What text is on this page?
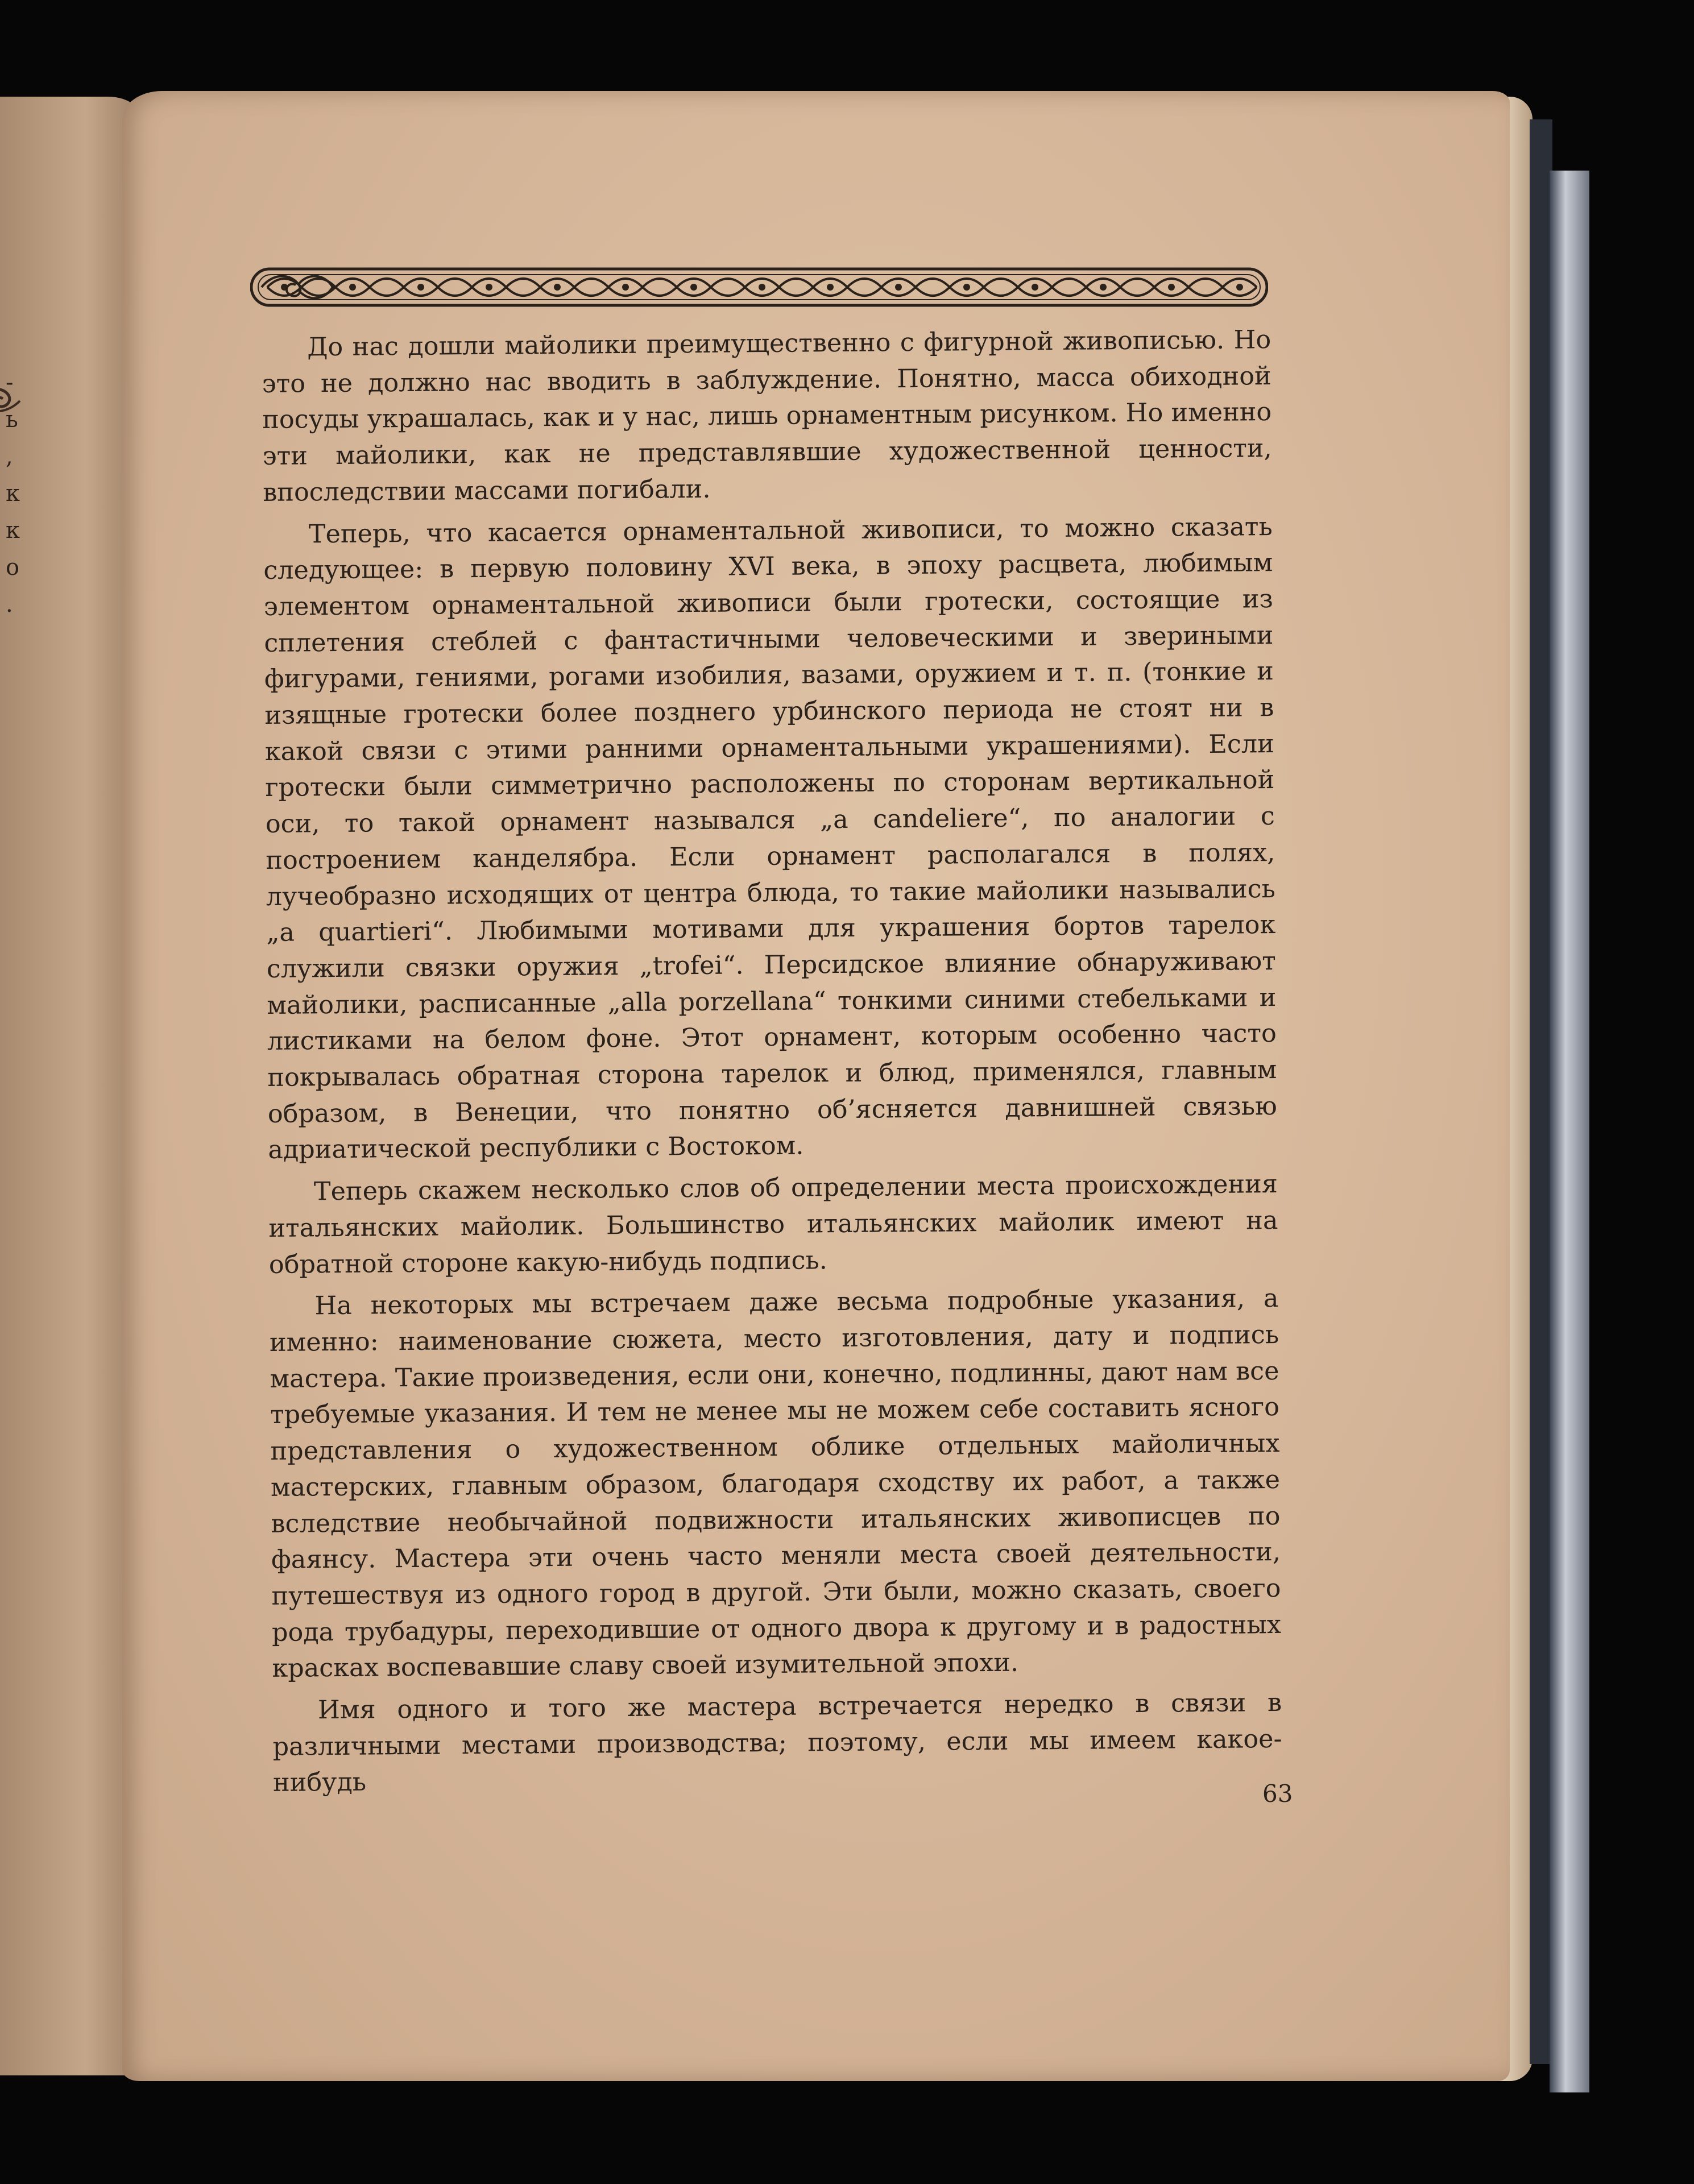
-
ь
,
к
к
о
.

До нас дошли майолики преимущественно с фигурной живописью. Но это не должно нас вводить в заблуждение. Понятно, масса обиходной посуды украшалась, как и у нас, лишь орнаментным рисунком. Но именно эти майолики, как не представлявшие художественной ценности, впоследствии массами погибали.

Теперь, что касается орнаментальной живописи, то можно сказать следующее: в первую половину XVI века, в эпоху расцвета, любимым элементом орнаментальной живописи были гротески, состоящие из сплетения стеблей с фантастичными человеческими и звериными фигурами, гениями, рогами изобилия, вазами, оружием и т. п. (тонкие и изящные гротески более позднего урбинского периода не стоят ни в какой связи с этими ранними орнаментальными украшениями). Если гротески были симметрично расположены по сторонам вертикальной оси, то такой орнамент назывался „a candeliere“, по аналогии с построением канделябра. Если орнамент располагался в полях, лучеобразно исходящих от центра блюда, то такие майолики назывались „a quartieri“. Любимыми мотивами для украшения бортов тарелок служили связки оружия „trofei“. Персидское влияние обнаруживают майолики, расписанные „alla porzellana“ тонкими синими стебельками и листиками на белом фоне. Этот орнамент, которым особенно часто покрывалась обратная сторона тарелок и блюд, применялся, главным образом, в Венеции, что понятно об’ясняется давнишней связью адриатической республики с Востоком.

Теперь скажем несколько слов об определении места происхождения итальянских майолик. Большинство итальянских майолик имеют на обратной стороне какую-нибудь подпись.

На некоторых мы встречаем даже весьма подробные указания, а именно: наименование сюжета, место изготовления, дату и подпись мастера. Такие произведения, если они, конечно, подлинны, дают нам все требуемые указания. И тем не менее мы не можем себе составить ясного представления о художественном облике отдельных майоличных мастерских, главным образом, благодаря сходству их работ, а также вследствие необычайной подвижности итальянских живописцев по фаянсу. Мастера эти очень часто меняли места своей деятельности, путешествуя из одного город в другой. Эти были, можно сказать, своего рода трубадуры, переходившие от одного двора к другому и в радостных красках воспевавшие славу своей изумительной эпохи.

Имя одного и того же мастера встречается нередко в связи в различными местами производства; поэтому, если мы имеем какое-нибудь	63
